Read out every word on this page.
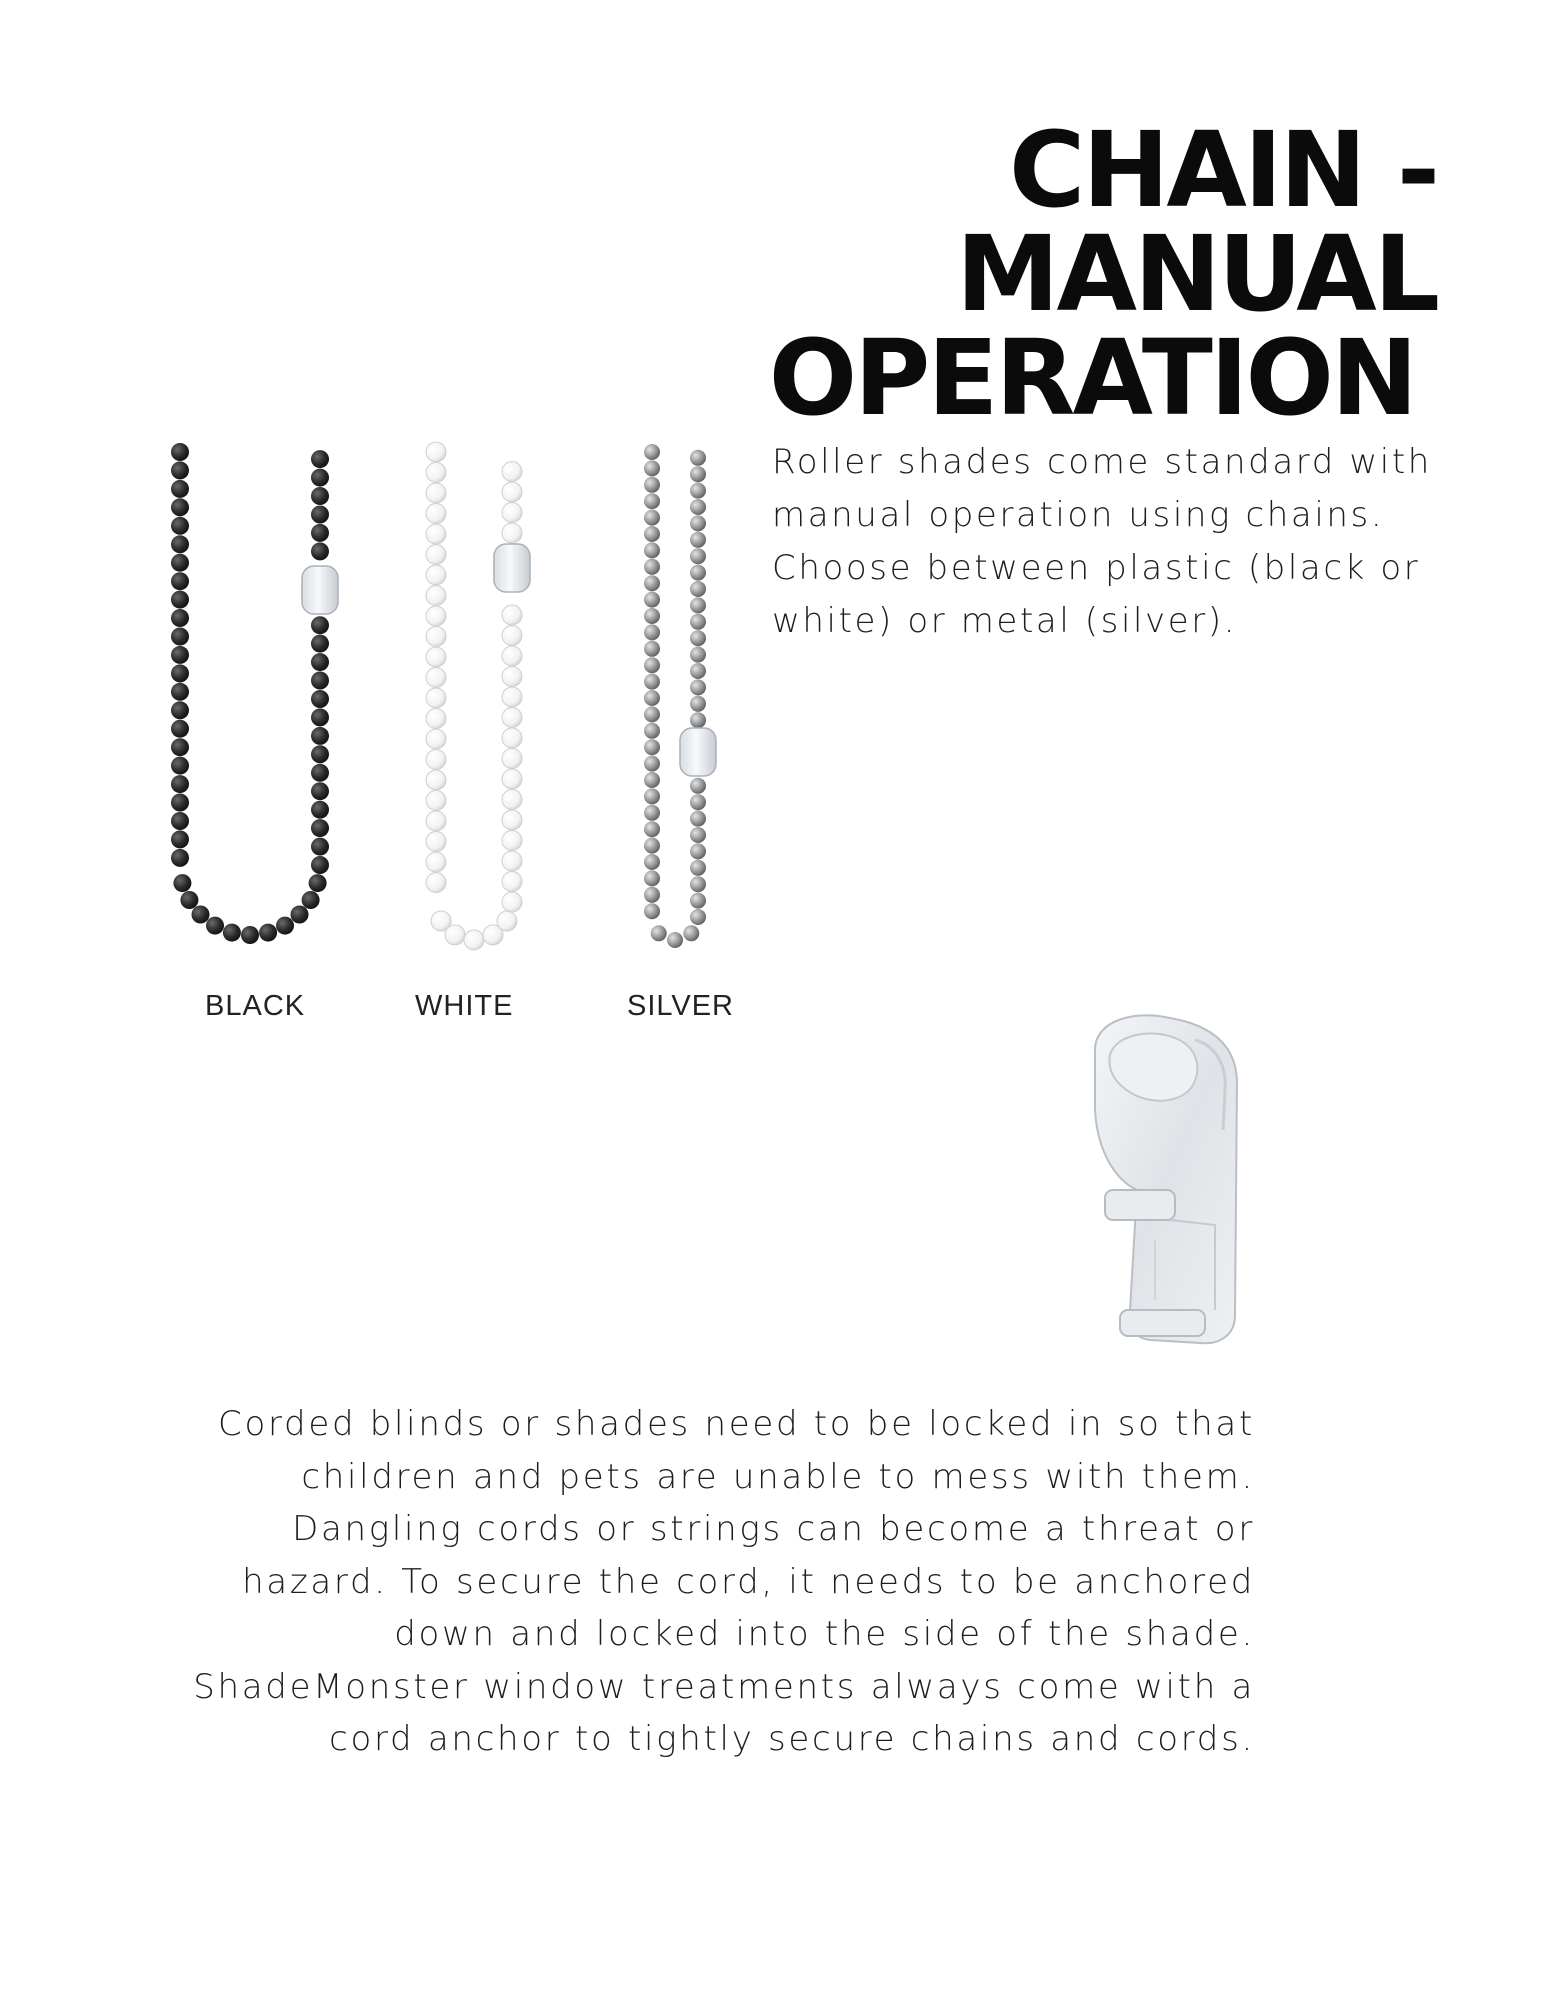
CHAIN - MANUAL
OPERATION

Roller shades come standard with manual operation using chains. Choose between plastic (black or white) or metal (silver).

BLACK	WHITE	SILVER

Corded blinds or shades need to be locked in so that children and pets are unable to mess with them. Dangling cords or strings can become a threat or hazard. To secure the cord, it needs to be anchored down and locked into the side of the shade. ShadeMonster window treatments always come with a cord anchor to tightly secure chains and cords.
